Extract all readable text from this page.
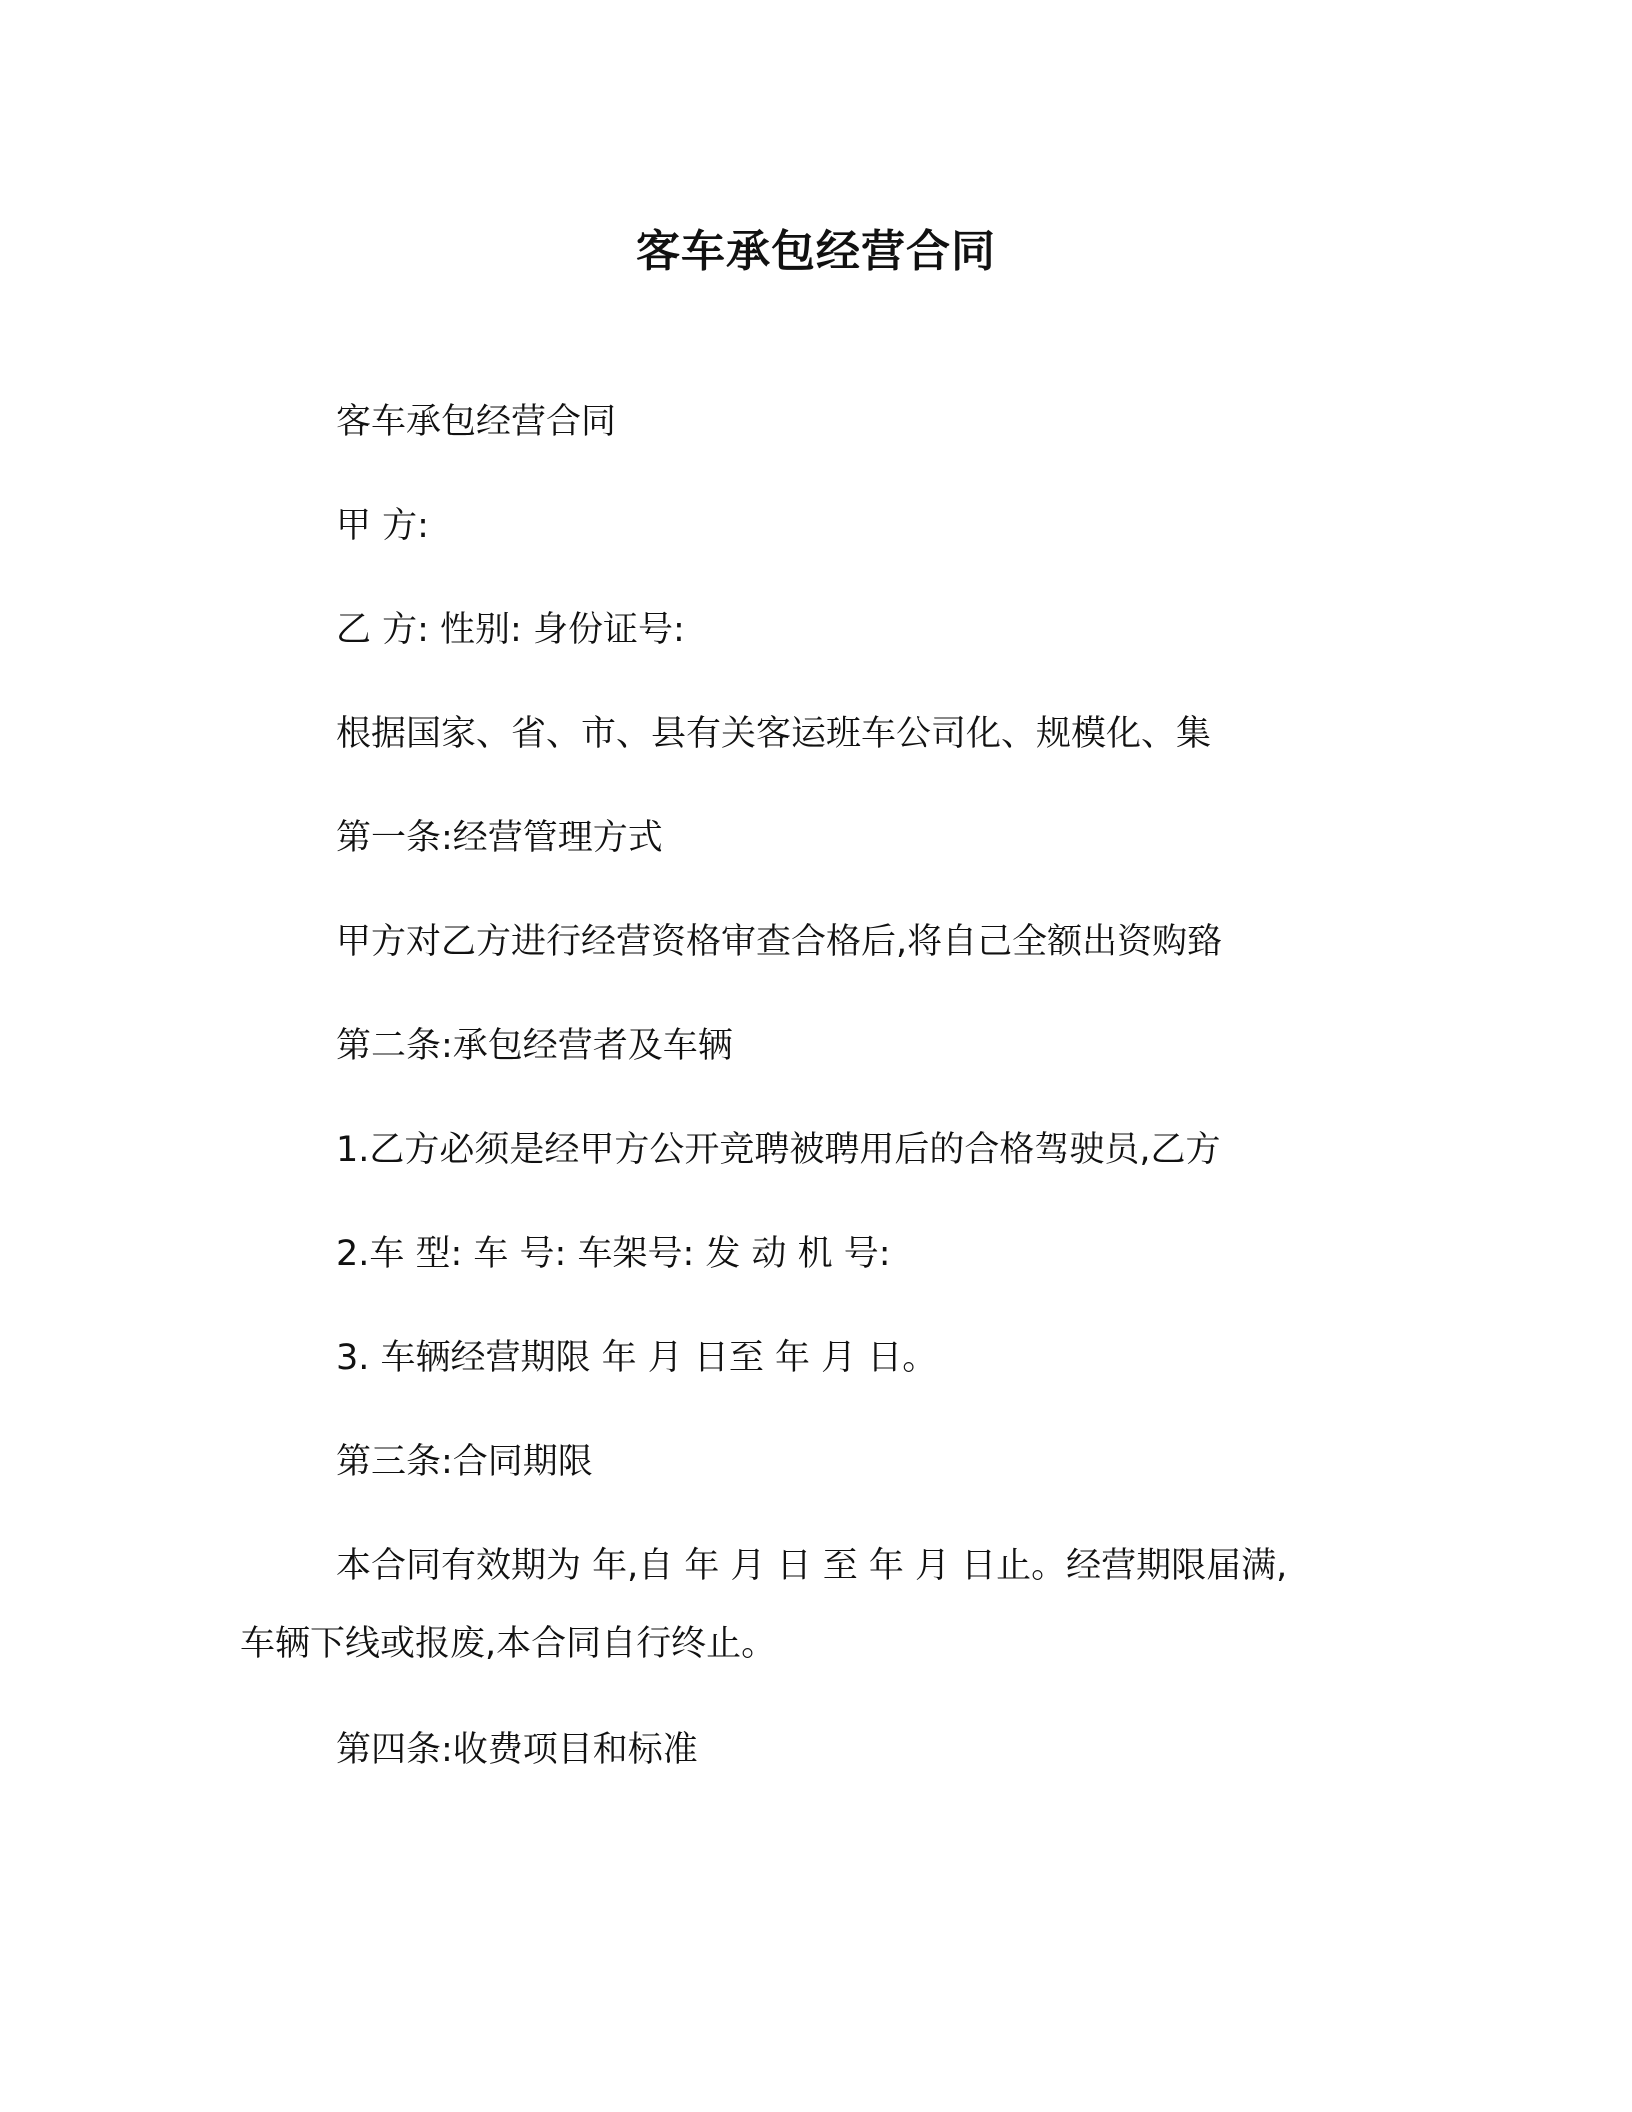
客车承包经营合同

客车承包经营合同

甲 方:

乙 方: 性别: 身份证号:

根据国家、省、市、县有关客运班车公司化、规模化、集

第一条:经营管理方式

甲方对乙方进行经营资格审查合格后,将自己全额出资购臵

第二条:承包经营者及车辆

1.乙方必须是经甲方公开竞聘被聘用后的合格驾驶员,乙方

2.车 型: 车 号: 车架号: 发 动 机 号:

3. 车辆经营期限 年 月 日至 年 月 日。

第三条:合同期限

本合同有效期为 年,自 年 月 日 至 年 月 日止。经营期限届满,
车辆下线或报废,本合同自行终止。

第四条:收费项目和标准
